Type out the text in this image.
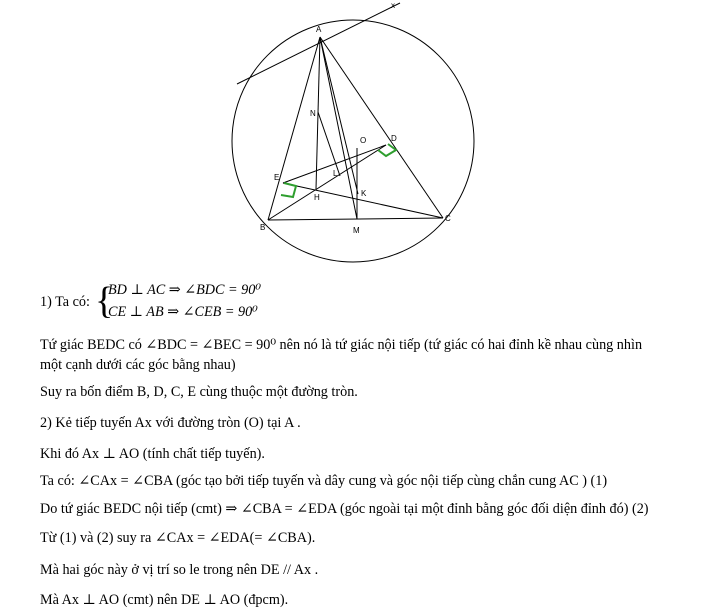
x
A
N
O	D
E	L
K
H
B	M
C
1) Ta có: {
BD ⊥ AC ⇒ ∠BDC = 90⁰
CE ⊥ AB ⇒ ∠CEB = 90⁰
Tứ giác BEDC có ∠BDC = ∠BEC = 90⁰ nên nó là tứ giác nội tiếp (tứ giác có hai đỉnh kề nhau cùng nhìn
một cạnh dưới các góc bằng nhau)
Suy ra bốn điểm B, D, C, E cùng thuộc một đường tròn.
2) Kẻ tiếp tuyến Ax với đường tròn (O) tại A .
Khi đó Ax ⊥ AO (tính chất tiếp tuyến).
Ta có: ∠CAx = ∠CBA (góc tạo bởi tiếp tuyến và dây cung và góc nội tiếp cùng chắn cung AC ) (1)
Do tứ giác BEDC nội tiếp (cmt) ⇒ ∠CBA = ∠EDA (góc ngoài tại một đỉnh bằng góc đối diện đỉnh đó) (2)
Từ (1) và (2) suy ra ∠CAx = ∠EDA(= ∠CBA).
Mà hai góc này ở vị trí so le trong nên DE // Ax .
Mà Ax ⊥ AO (cmt) nên DE ⊥ AO (đpcm).
